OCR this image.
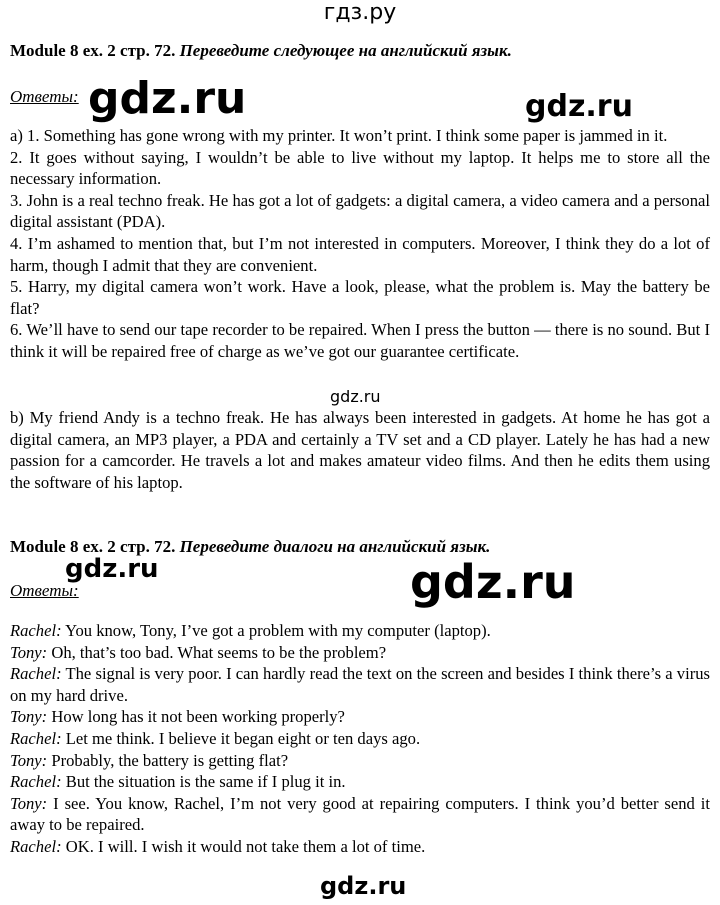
гдз.ру
Module 8 ex. 2 стр. 72. Переведите следующее на английский язык.
Ответы:

а) 1. Something has gone wrong with my printer. It won’t print. I think some paper is jammed in it.

2. It goes without saying, I wouldn’t be able to live without my laptop. It helps me to store all the necessary information.

3. John is a real techno freak. He has got a lot of gadgets: a digital camera, a video camera and a personal digital assistant (PDA).

4. I’m ashamed to mention that, but I’m not interested in computers. Moreover, I think they do a lot of harm, though I admit that they are convenient.

5. Harry, my digital camera won’t work. Have a look, please, what the problem is. May the battery be flat?

6. We’ll have to send our tape recorder to be repaired. When I press the button — there is no sound. But I think it will be repaired free of charge as we’ve got our guarantee certificate.

b) My friend Andy is a techno freak. He has always been interested in gadgets. At home he has got a digital camera, an MP3 player, a PDA and certainly a TV set and a CD player. Lately he has had a new passion for a camcorder. He travels a lot and makes amateur video films. And then he edits them using the software of his laptop.

Module 8 ex. 2 стр. 72. Переведите диалоги на английский язык.
Ответы:

Rachel: You know, Tony, I’ve got a problem with my computer (laptop).

Tony: Oh, that’s too bad. What seems to be the problem?

Rachel: The signal is very poor. I can hardly read the text on the screen and besides I think there’s a virus on my hard drive.

Tony: How long has it not been working properly?

Rachel: Let me think. I believe it began eight or ten days ago.

Tony: Probably, the battery is getting flat?

Rachel: But the situation is the same if I plug it in.

Tony: I see. You know, Rachel, I’m not very good at repairing computers. I think you’d better send it away to be repaired.

Rachel: OK. I will. I wish it would not take them a lot of time.

gdz.ru	gdz.ru
gdz.ru
gdz.ru	gdz.ru
gdz.ru
